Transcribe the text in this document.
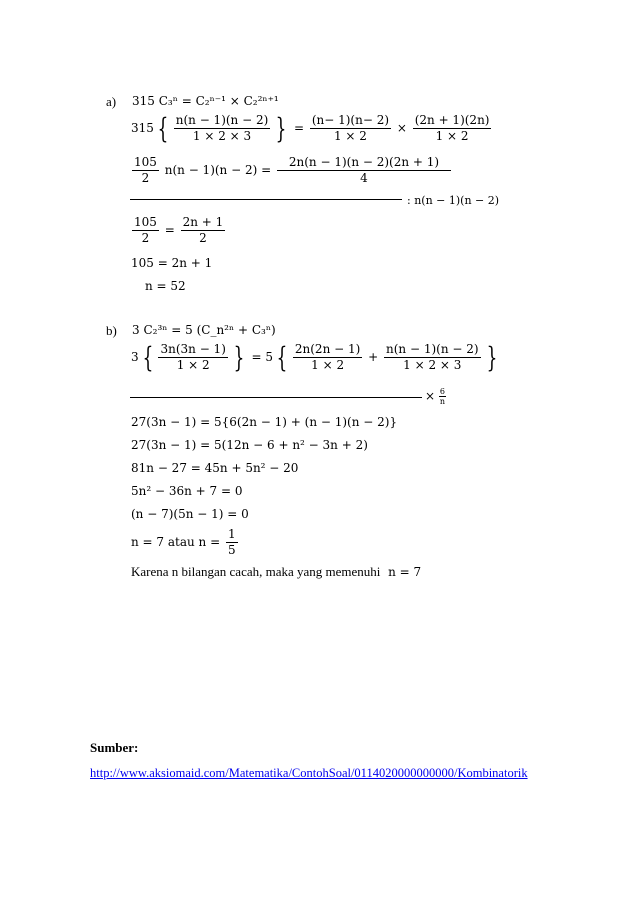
a) 315 C₃ⁿ = C₂ⁿ⁻¹ × C₂²ⁿ⁺¹
315 { $\frac{n(n - 1)(n - 2)}{1 \times 2 \times 3}$ } = $\frac{(n- 1)(n- 2)}{1 \times 2} \times \frac{(2n + 1)(2n)}{1 \times 2}$
$\frac{105}{2} n(n - 1)(n - 2) = \frac{2n(n - 1)(n - 2)(2n + 1)}{4}$
: n(n − 1)(n − 2)
$\frac{105}{2} = \frac{2n + 1}{2}$
105 = 2n + 1
n = 52
b) 3 C₂³ⁿ = 5 (C_n²ⁿ + C₃ⁿ)
3 { $\frac{3n(3n - 1)}{1 \times 2}$ } = 5 { $\frac{2n(2n - 1)}{1 \times 2} + \frac{n(n - 1)(n - 2)}{1 \times 2 \times 3}$ }
× $\frac{6}{n}$
27(3n − 1) = 5{6(2n − 1) + (n − 1)(n − 2)}
27(3n − 1) = 5(12n − 6 + n² − 3n + 2)
81n − 27 = 45n + 5n² − 20
5n² − 36n + 7 = 0
(n − 7)(5n − 1) = 0
n = 7 atau $n = \frac{1}{5}$
Karena n bilangan cacah, maka yang memenuhi n = 7
Sumber:
http://www.aksiomaid.com/Matematika/ContohSoal/0114020000000000/Kombinatorik
